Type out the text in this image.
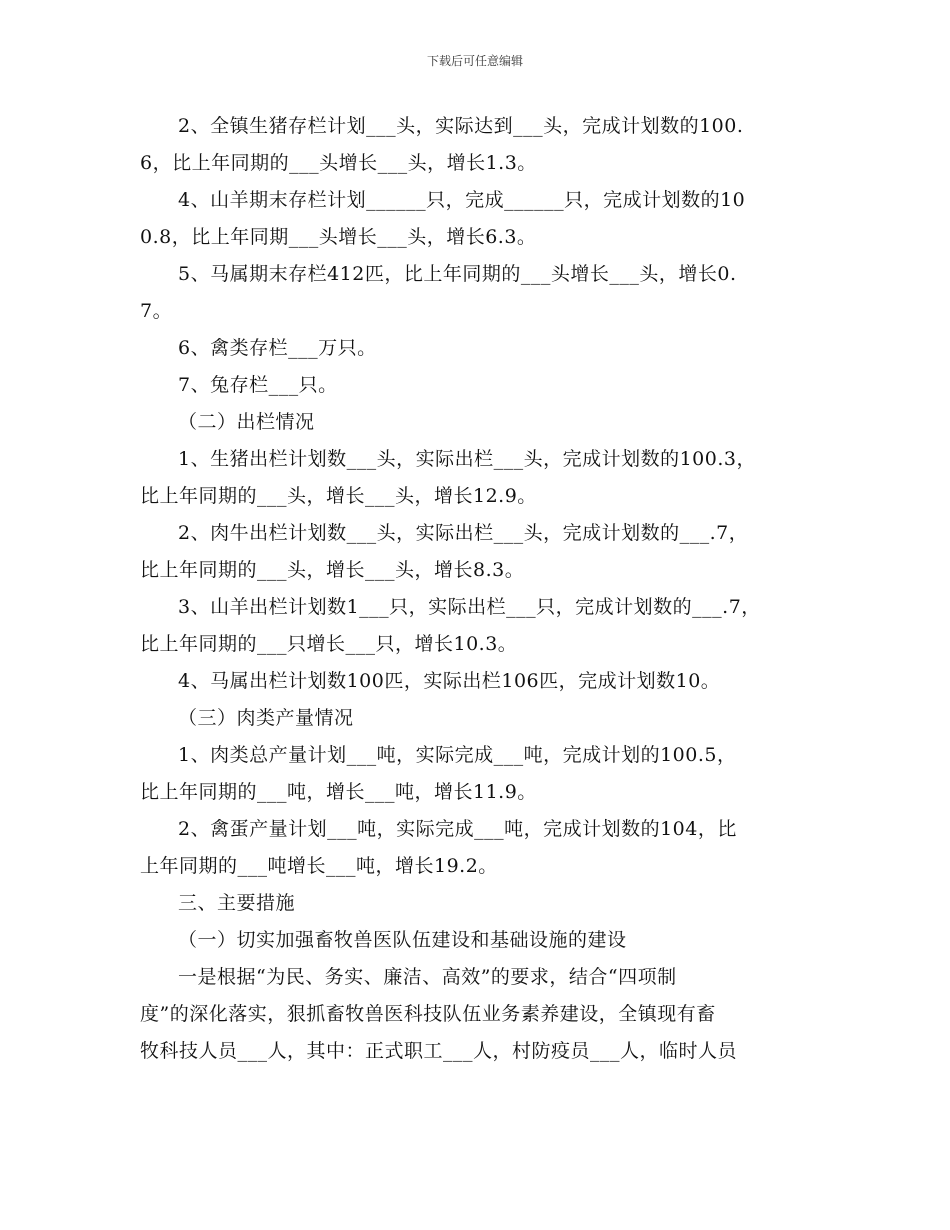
下载后可任意编辑
2、全镇生猪存栏计划___头，实际达到___头，完成计划数的100.
6，比上年同期的___头增长___头，增长1.3。
4、山羊期末存栏计划______只，完成______只，完成计划数的10
0.8，比上年同期___头增长___头，增长6.3。
5、马属期末存栏412匹，比上年同期的___头增长___头，增长0.
7。
6、禽类存栏___万只。
7、兔存栏___只。
（二）出栏情况
1、生猪出栏计划数___头，实际出栏___头，完成计划数的100.3，
比上年同期的___头，增长___头，增长12.9。
2、肉牛出栏计划数___头，实际出栏___头，完成计划数的___.7，
比上年同期的___头，增长___头，增长8.3。
3、山羊出栏计划数1___只，实际出栏___只，完成计划数的___.7，
比上年同期的___只增长___只，增长10.3。
4、马属出栏计划数100匹，实际出栏106匹，完成计划数10。
（三）肉类产量情况
1、肉类总产量计划___吨，实际完成___吨，完成计划的100.5，
比上年同期的___吨，增长___吨，增长11.9。
2、禽蛋产量计划___吨，实际完成___吨，完成计划数的104，比
上年同期的___吨增长___吨，增长19.2。
三、主要措施
（一）切实加强畜牧兽医队伍建设和基础设施的建设
一是根据“为民、务实、廉洁、高效”的要求，结合“四项制
度”的深化落实，狠抓畜牧兽医科技队伍业务素养建设，全镇现有畜
牧科技人员___人，其中：正式职工___人，村防疫员___人，临时人员
